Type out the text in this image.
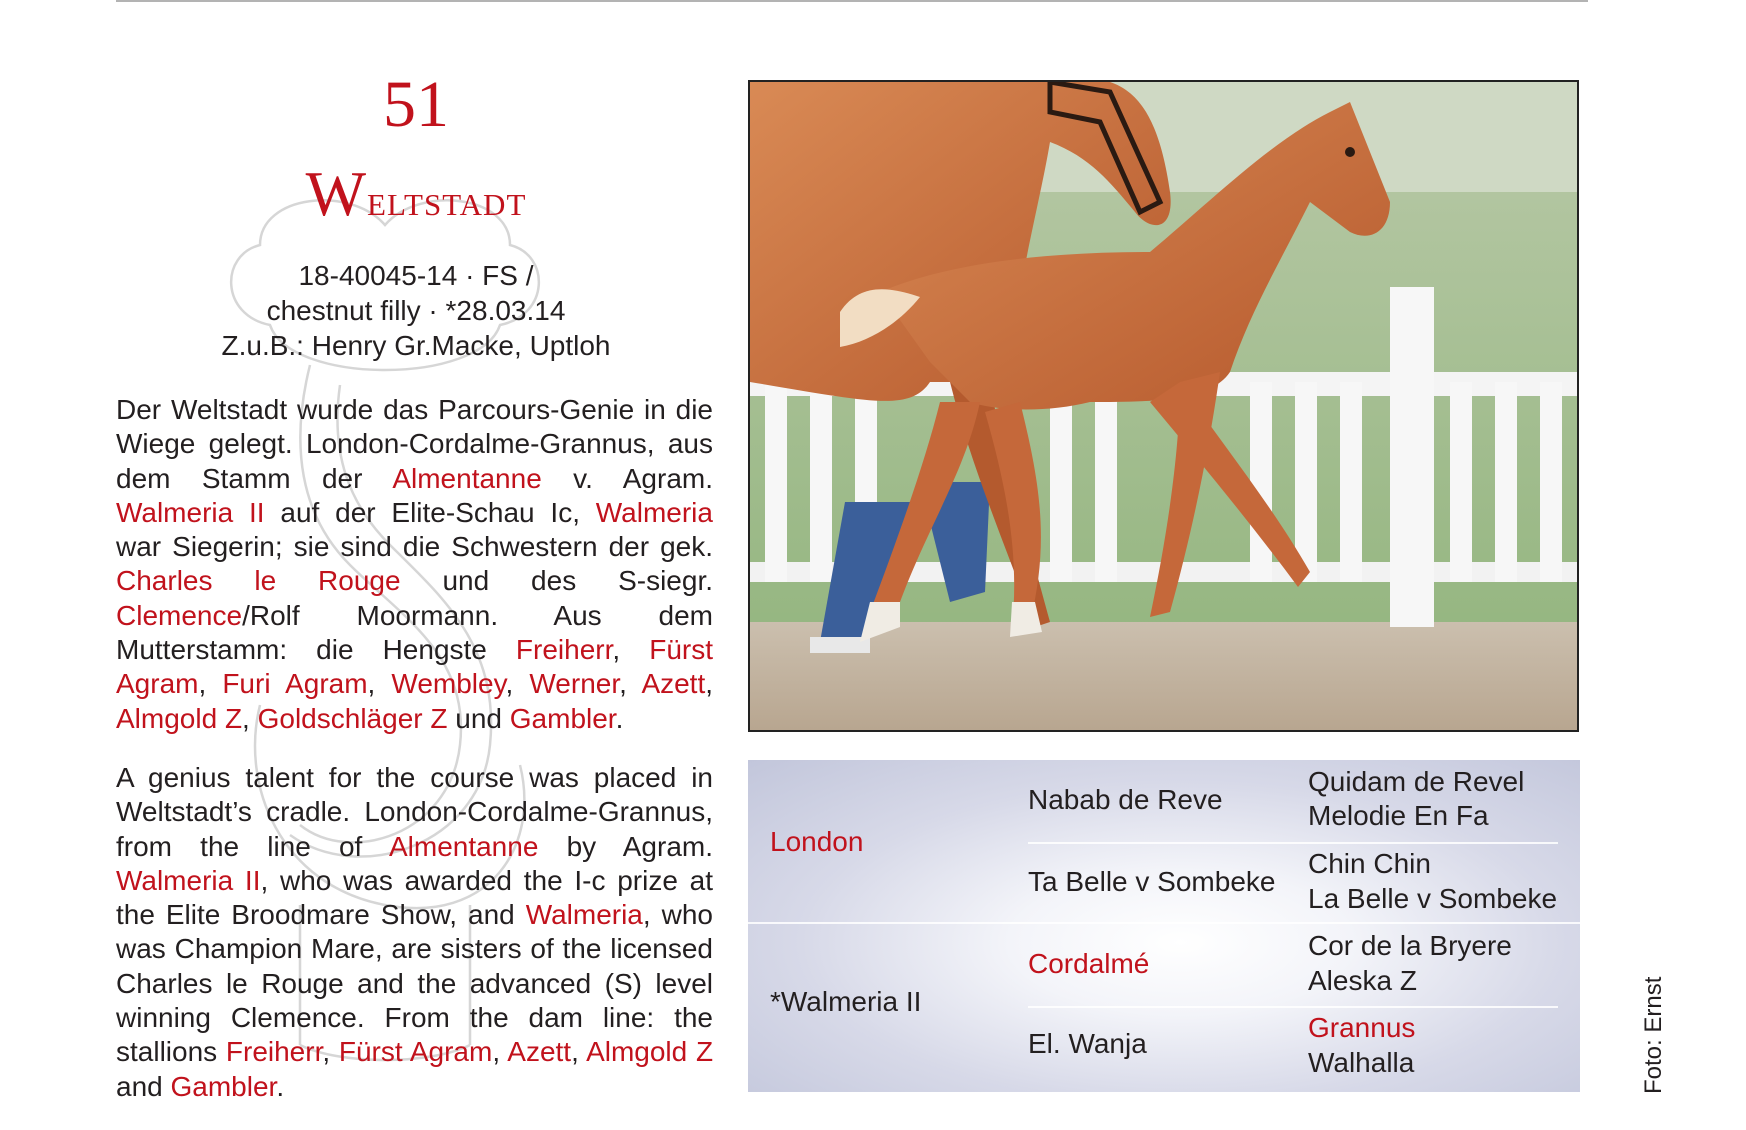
51
Weltstadt
18-40045-14 · FS /
chestnut filly · *28.03.14
Z.u.B.: Henry Gr.Macke, Uptloh
Der Weltstadt wurde das Parcours-Genie in die Wiege gelegt. London-Cordalme-Grannus, aus dem Stamm der Almentanne v. Agram. Walmeria II auf der Elite-Schau Ic, Walmeria war Siegerin; sie sind die Schwestern der gek. Charles le Rouge und des S-siegr. Clemence/Rolf Moormann. Aus dem Mutterstamm: die Hengste Freiherr, Fürst Agram, Furi Agram, Wembley, Werner, Azett, Almgold Z, Goldschläger Z und Gambler.
A genius talent for the course was placed in Weltstadt’s cradle. London-Cordalme-Grannus, from the line of Almentanne by Agram. Walmeria II, who was awarded the I-c prize at the Elite Broodmare Show, and Walmeria, who was Champion Mare, are sisters of the licensed Charles le Rouge and the advanced (S) level winning Clemence. From the dam line: the stallions Freiherr, Fürst Agram, Azett, Almgold Z and Gambler.
London
*Walmeria II
Nabab de Reve
Ta Belle v Sombeke
Cordalmé
El. Wanja
Quidam de Revel
Melodie En Fa
Chin Chin
La Belle v Sombeke
Cor de la Bryere
Aleska Z
Grannus
Walhalla	Foto: Ernst
